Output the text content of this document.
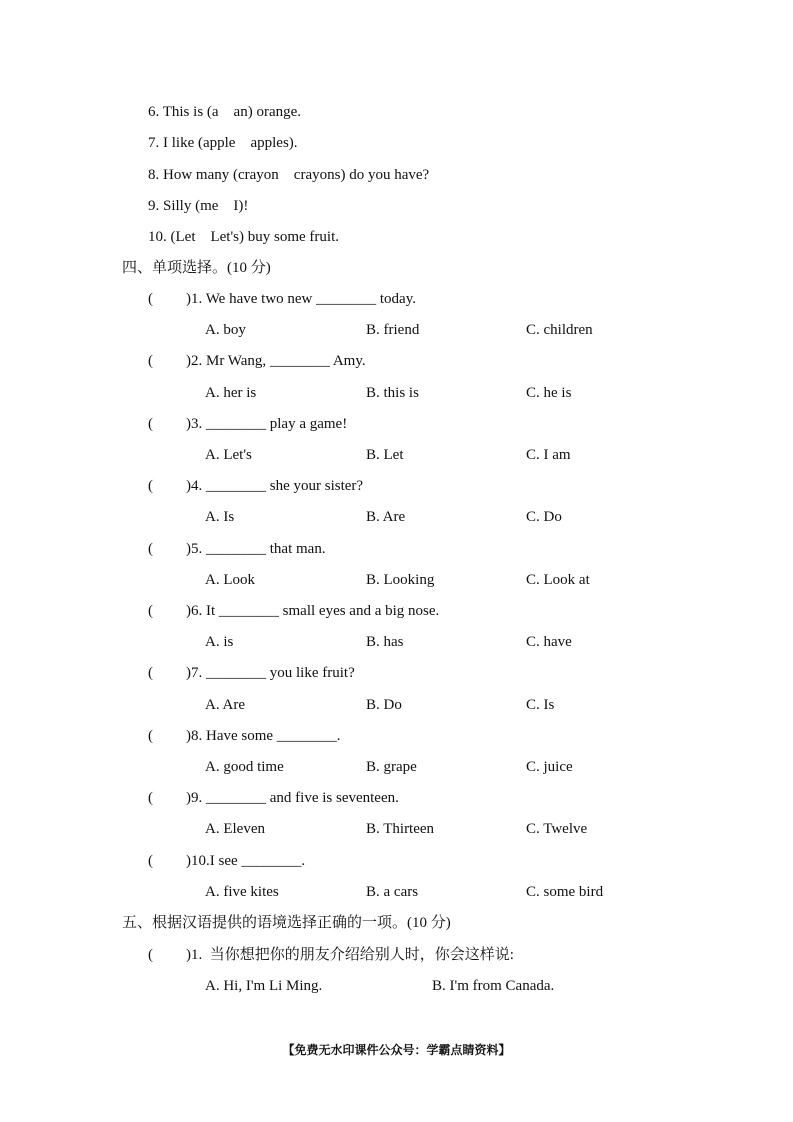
6. This is (a    an) orange.
7. I like (apple    apples).
8. How many (crayon    crayons) do you have?
9. Silly (me    I)!
10. (Let    Let's) buy some fruit.
四、单项选择。(10 分)
( )1. We have two new ________ today.
A. boy	B. friend	C. children
( )2. Mr Wang, ________ Amy.
A. her is	B. this is	C. he is
( )3. ________ play a game!
A. Let's	B. Let	C. I am
( )4. ________ she your sister?
A. Is	B. Are	C. Do
( )5. ________ that man.
A. Look	B. Looking	C. Look at
( )6. It ________ small eyes and a big nose.
A. is	B. has	C. have
( )7. ________ you like fruit?
A. Are	B. Do	C. Is
( )8. Have some ________.
A. good time	B. grape	C. juice
( )9. ________ and five is seventeen.
A. Eleven	B. Thirteen	C. Twelve
( )10.I see ________.
A. five kites	B. a cars	C. some bird
五、根据汉语提供的语境选择正确的一项。(10 分)
( )1.  当你想把你的朋友介绍给别人时，你会这样说:
A. Hi, I'm Li Ming.	B. I'm from Canada.
【免费无水印课件公众号：学霸点睛资料】
